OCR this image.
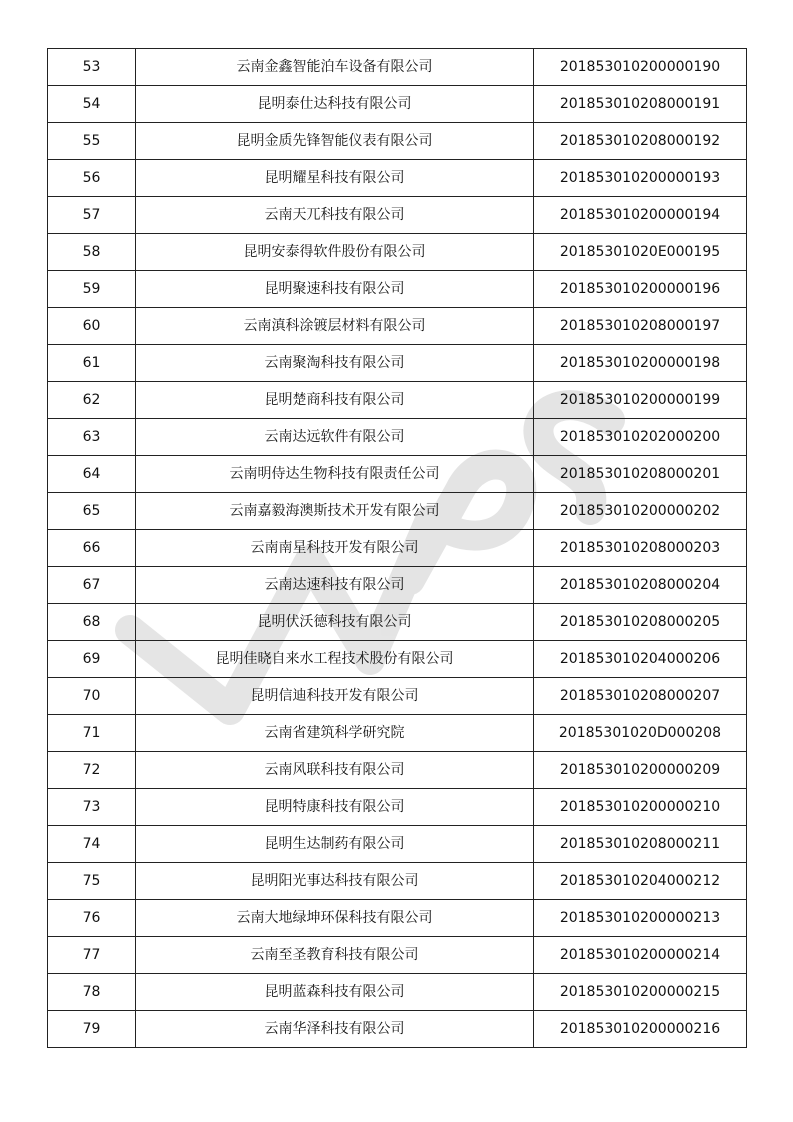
53	云南金鑫智能泊车设备有限公司	201853010200000190
54	昆明泰仕达科技有限公司	201853010208000191
55	昆明金质先锋智能仪表有限公司	201853010208000192
56	昆明耀星科技有限公司	201853010200000193
57	云南天兀科技有限公司	201853010200000194
58	昆明安泰得软件股份有限公司	20185301020E000195
59	昆明聚速科技有限公司	201853010200000196
60	云南滇科涂镀层材料有限公司	201853010208000197
61	云南聚淘科技有限公司	201853010200000198
62	昆明楚商科技有限公司	201853010200000199
63	云南达远软件有限公司	201853010202000200
64	云南明侍达生物科技有限责任公司	201853010208000201
65	云南嘉毅海澳斯技术开发有限公司	201853010200000202
66	云南南星科技开发有限公司	201853010208000203
67	云南达速科技有限公司	201853010208000204
68	昆明伏沃德科技有限公司	201853010208000205
69	昆明佳晓自来水工程技术股份有限公司	201853010204000206
70	昆明信迪科技开发有限公司	201853010208000207
71	云南省建筑科学研究院	20185301020D000208
72	云南风联科技有限公司	201853010200000209
73	昆明特康科技有限公司	201853010200000210
74	昆明生达制药有限公司	201853010208000211
75	昆明阳光事达科技有限公司	201853010204000212
76	云南大地绿坤环保科技有限公司	201853010200000213
77	云南至圣教育科技有限公司	201853010200000214
78	昆明蓝森科技有限公司	201853010200000215
79	云南华泽科技有限公司	201853010200000216
